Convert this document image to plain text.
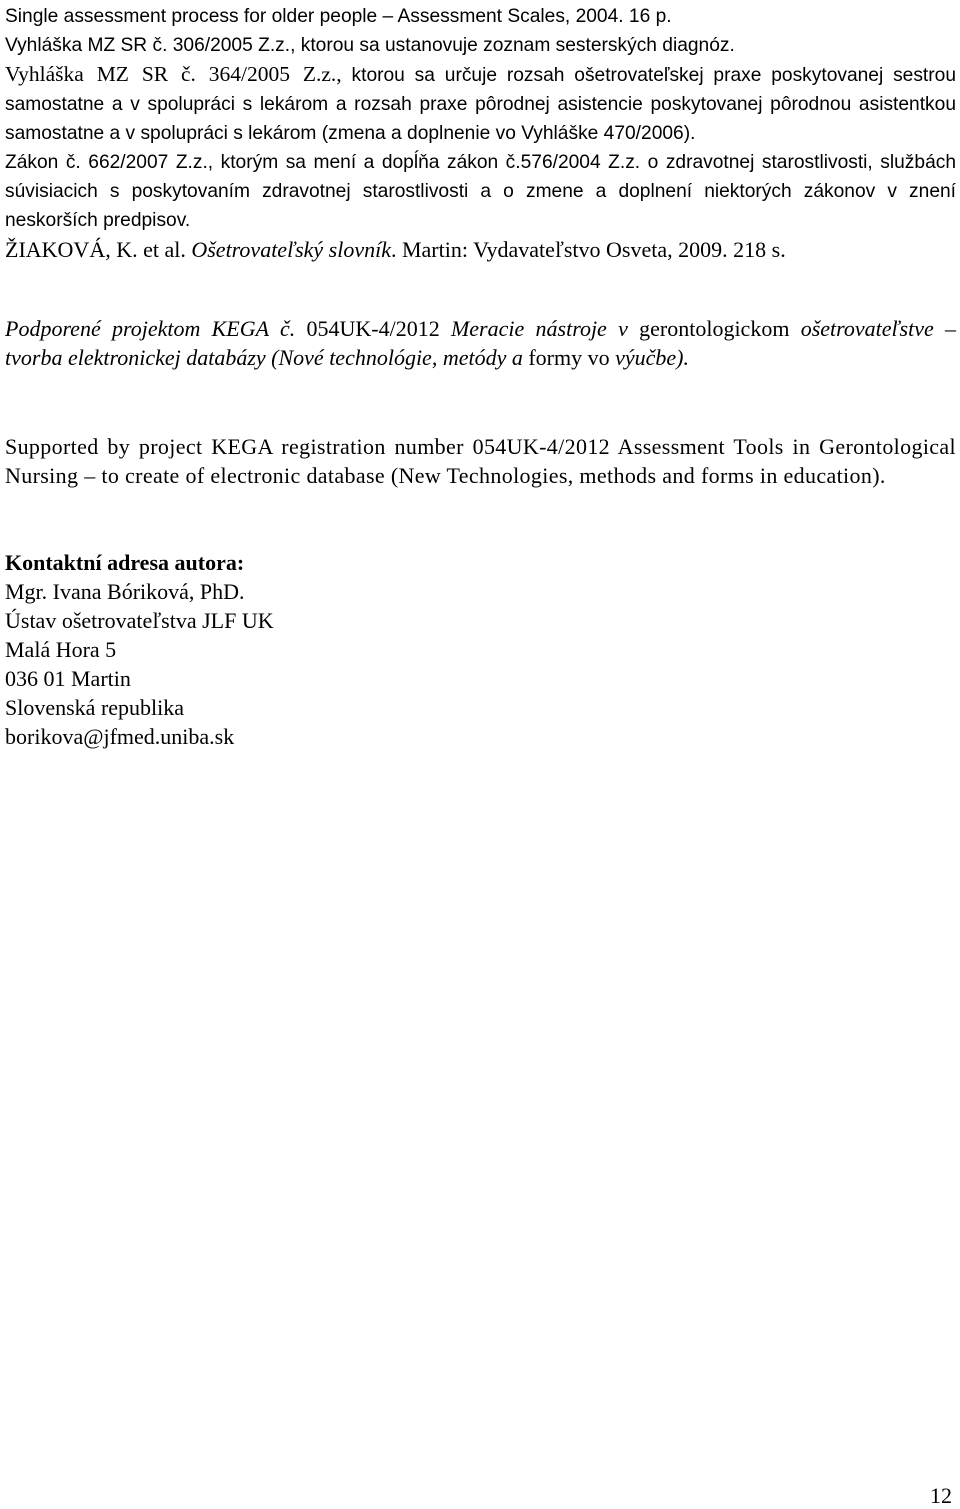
Single assessment process for older people – Assessment Scales, 2004. 16 p.

Vyhláška MZ SR č. 306/2005 Z.z., ktorou sa ustanovuje zoznam sesterských diagnóz.

Vyhláška MZ SR č. 364/2005 Z.z., ktorou sa určuje rozsah ošetrovateľskej praxe poskytovanej sestrou samostatne a v spolupráci s lekárom a rozsah praxe pôrodnej asistencie poskytovanej pôrodnou asistentkou samostatne a v spolupráci s lekárom (zmena a doplnenie vo Vyhláške 470/2006).

Zákon č. 662/2007 Z.z., ktorým sa mení a dopĺňa zákon č.576/2004 Z.z. o zdravotnej starostlivosti, službách súvisiacich s poskytovaním zdravotnej starostlivosti a o zmene a doplnení niektorých zákonov v znení neskorších predpisov.

ŽIAKOVÁ, K. et al. Ošetrovateľský slovník. Martin: Vydavateľstvo Osveta, 2009. 218 s.

Podporené projektom KEGA č. 054UK-4/2012 Meracie nástroje v gerontologickom ošetrovateľstve – tvorba elektronickej databázy (Nové technológie, metódy a formy vo výučbe).

Supported by project KEGA registration number 054UK-4/2012 Assessment Tools in Gerontological Nursing – to create of electronic database (New Technologies, methods and forms in education).

Kontaktní adresa autora:
Mgr. Ivana Bóriková, PhD.
Ústav ošetrovateľstva JLF UK
Malá Hora 5
036 01 Martin
Slovenská republika
borikova@jfmed.uniba.sk
12
